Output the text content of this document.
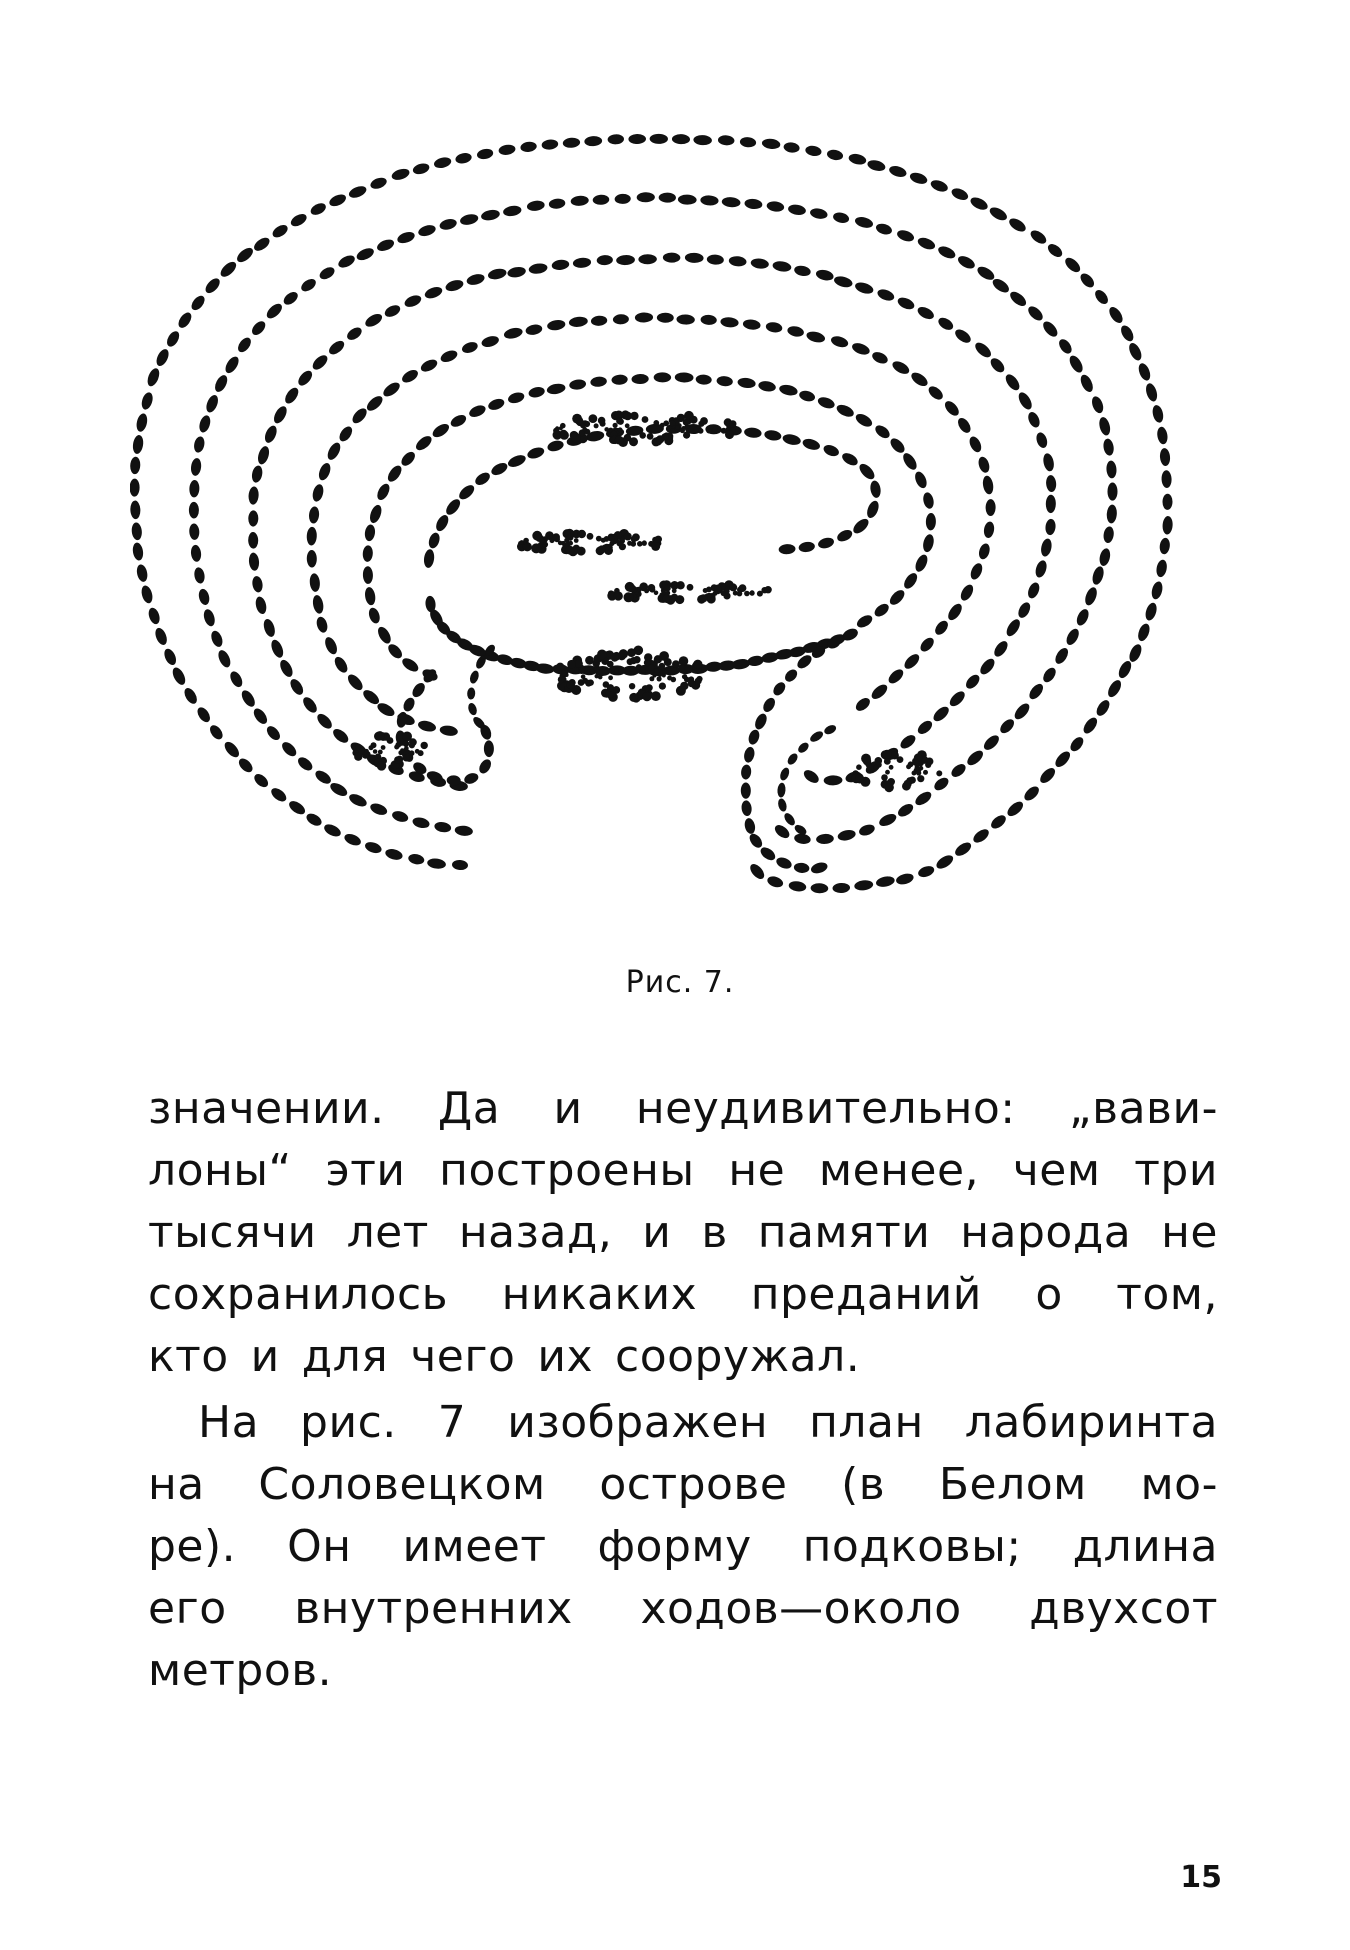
Рис. 7.
значении. Да и неудивительно: „вави-
лоны“ эти построены не менее, чем три
тысячи лет назад, и в памяти народа не
сохранилось никаких преданий о том,
кто и для чего их сооружал.
На рис. 7 изображен план лабиринта
на Соловецком острове (в Белом мо-
ре). Он имеет форму подковы; длина
его внутренних ходов—около двухсот
метров.
15
